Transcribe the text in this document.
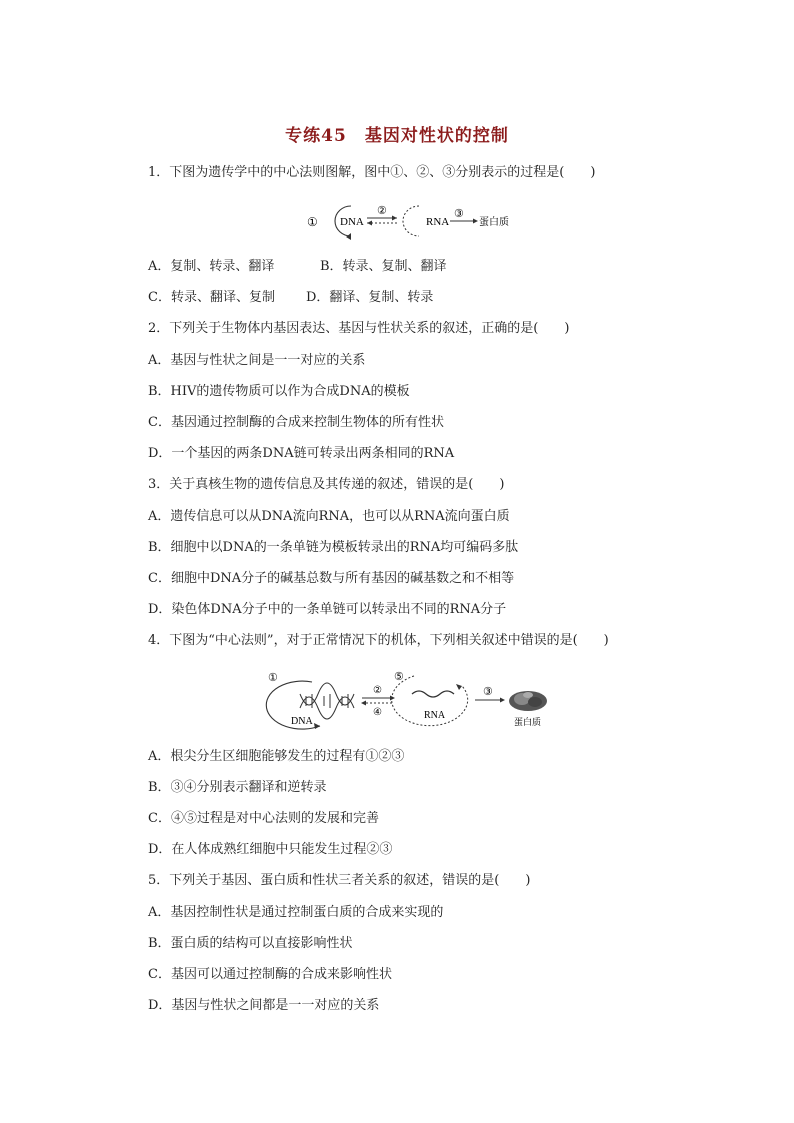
专练45　基因对性状的控制
1．下图为遗传学中的中心法则图解，图中①、②、③分别表示的过程是(　　)
① DNA
②
RNA
③
蛋白质
A．复制、转录、翻译	B．转录、复制、翻译
C．转录、翻译、复制 D．翻译、复制、转录
2．下列关于生物体内基因表达、基因与性状关系的叙述，正确的是(　　)
A．基因与性状之间是一一对应的关系
B．HIV的遗传物质可以作为合成DNA的模板
C．基因通过控制酶的合成来控制生物体的所有性状
D．一个基因的两条DNA链可转录出两条相同的RNA
3．关于真核生物的遗传信息及其传递的叙述，错误的是(　　)
A．遗传信息可以从DNA流向RNA，也可以从RNA流向蛋白质
B．细胞中以DNA的一条单链为模板转录出的RNA均可编码多肽
C．细胞中DNA分子的碱基总数与所有基因的碱基数之和不相等
D．染色体DNA分子中的一条单链可以转录出不同的RNA分子
4．下图为“中心法则”，对于正常情况下的机体，下列相关叙述中错误的是(　　)
①
DNA
②
④
⑤
RNA
③
蛋白质
A．根尖分生区细胞能够发生的过程有①②③
B．③④分别表示翻译和逆转录
C．④⑤过程是对中心法则的发展和完善
D．在人体成熟红细胞中只能发生过程②③
5．下列关于基因、蛋白质和性状三者关系的叙述，错误的是(　　)
A．基因控制性状是通过控制蛋白质的合成来实现的
B．蛋白质的结构可以直接影响性状
C．基因可以通过控制酶的合成来影响性状
D．基因与性状之间都是一一对应的关系
